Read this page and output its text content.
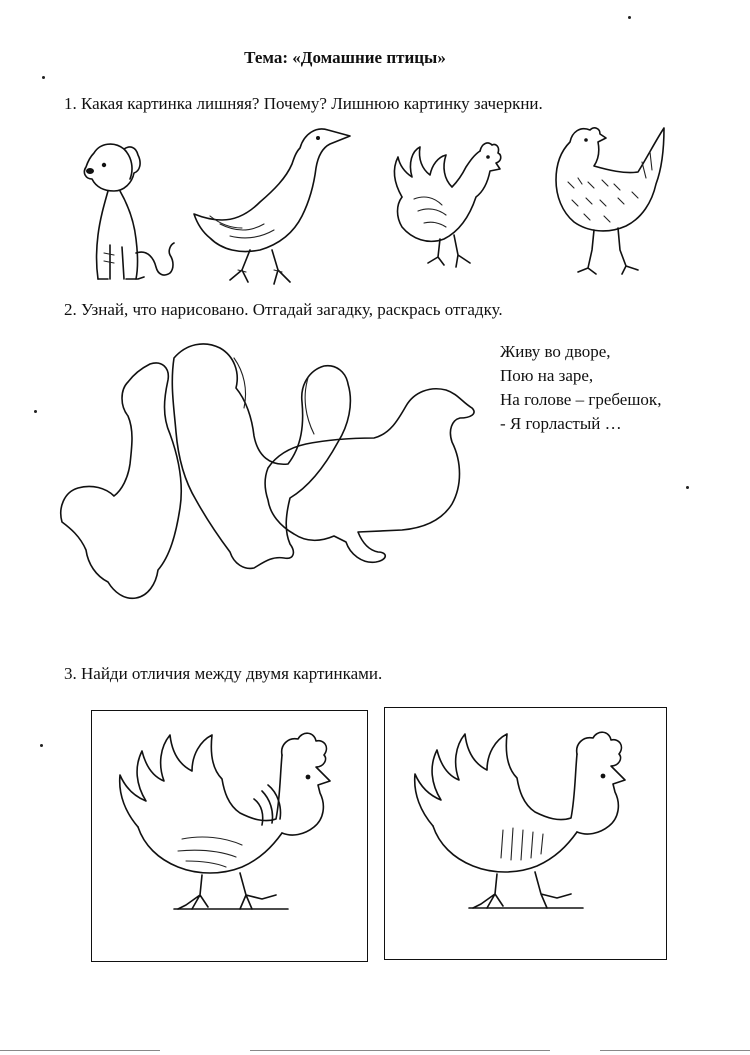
Тема: «Домашние птицы»
1. Какая картинка лишняя? Почему? Лишнюю картинку зачеркни.
2. Узнай, что нарисовано. Отгадай загадку, раскрась отгадку.
Живу во дворе,
Пою на заре,
На голове – гребешок,
- Я горластый …
3. Найди отличия между двумя картинками.
